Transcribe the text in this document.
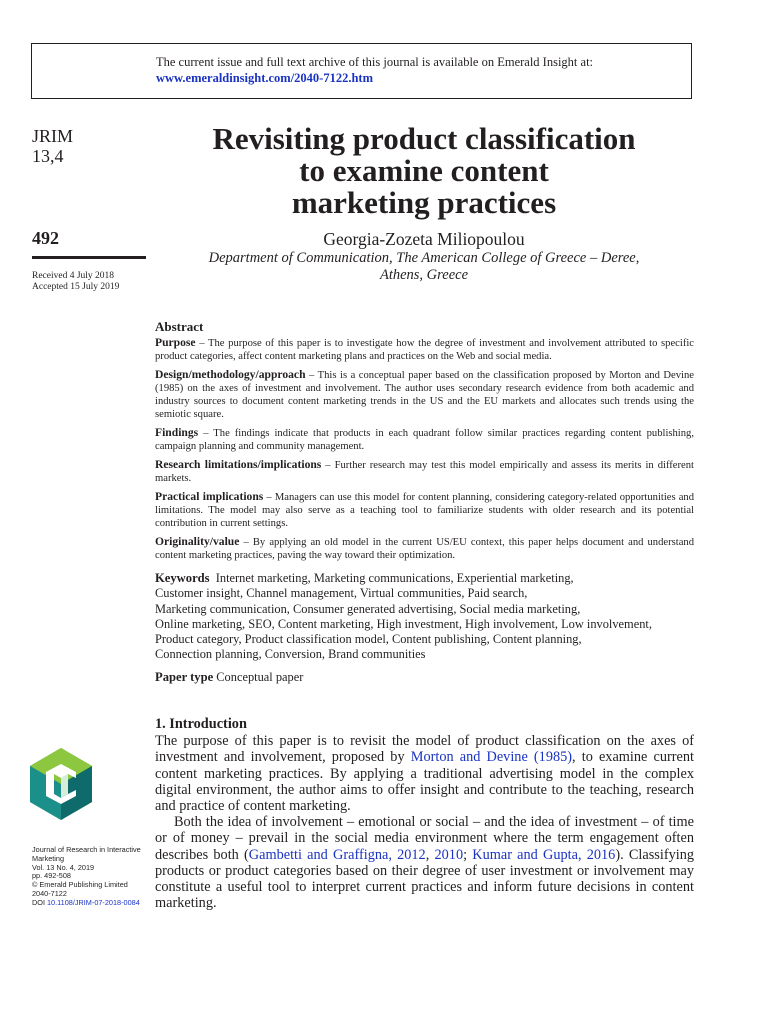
The current issue and full text archive of this journal is available on Emerald Insight at:
www.emeraldinsight.com/2040-7122.htm
JRIM
13,4
492
Received 4 July 2018
Accepted 15 July 2019
Revisiting product classification
to examine content
marketing practices
Georgia-Zozeta Miliopoulou
Department of Communication, The American College of Greece – Deree,
Athens, Greece
Abstract
Purpose – The purpose of this paper is to investigate how the degree of investment and involvement attributed to specific product categories, affect content marketing plans and practices on the Web and social media.
Design/methodology/approach – This is a conceptual paper based on the classification proposed by Morton and Devine (1985) on the axes of investment and involvement. The author uses secondary research evidence from both academic and industry sources to document content marketing trends in the US and the EU markets and allocates such trends using the semiotic square.
Findings – The findings indicate that products in each quadrant follow similar practices regarding content publishing, campaign planning and community management.
Research limitations/implications – Further research may test this model empirically and assess its merits in different markets.
Practical implications – Managers can use this model for content planning, considering category-related opportunities and limitations. The model may also serve as a teaching tool to familiarize students with older research and its potential contribution in current settings.
Originality/value – By applying an old model in the current US/EU context, this paper helps document and understand content marketing practices, paving the way toward their optimization.
Keywords Internet marketing, Marketing communications, Experiential marketing,
Customer insight, Channel management, Virtual communities, Paid search,
Marketing communication, Consumer generated advertising, Social media marketing,
Online marketing, SEO, Content marketing, High investment, High involvement, Low involvement,
Product category, Product classification model, Content publishing, Content planning,
Connection planning, Conversion, Brand communities
Paper type Conceptual paper
1. Introduction

The purpose of this paper is to revisit the model of product classification on the axes of investment and involvement, proposed by Morton and Devine (1985), to examine current content marketing practices. By applying a traditional advertising model in the complex digital environment, the author aims to offer insight and contribute to the teaching, research and practice of content marketing.

Both the idea of involvement – emotional or social – and the idea of investment – of time or of money – prevail in the social media environment where the term engagement often describes both (Gambetti and Graffigna, 2012, 2010; Kumar and Gupta, 2016). Classifying products or product categories based on their degree of user investment or involvement may constitute a useful tool to interpret current practices and inform future decisions in content marketing.

Journal of Research in Interactive
Marketing
Vol. 13 No. 4, 2019
pp. 492-508
© Emerald Publishing Limited
2040-7122
DOI 10.1108/JRIM-07-2018-0084
